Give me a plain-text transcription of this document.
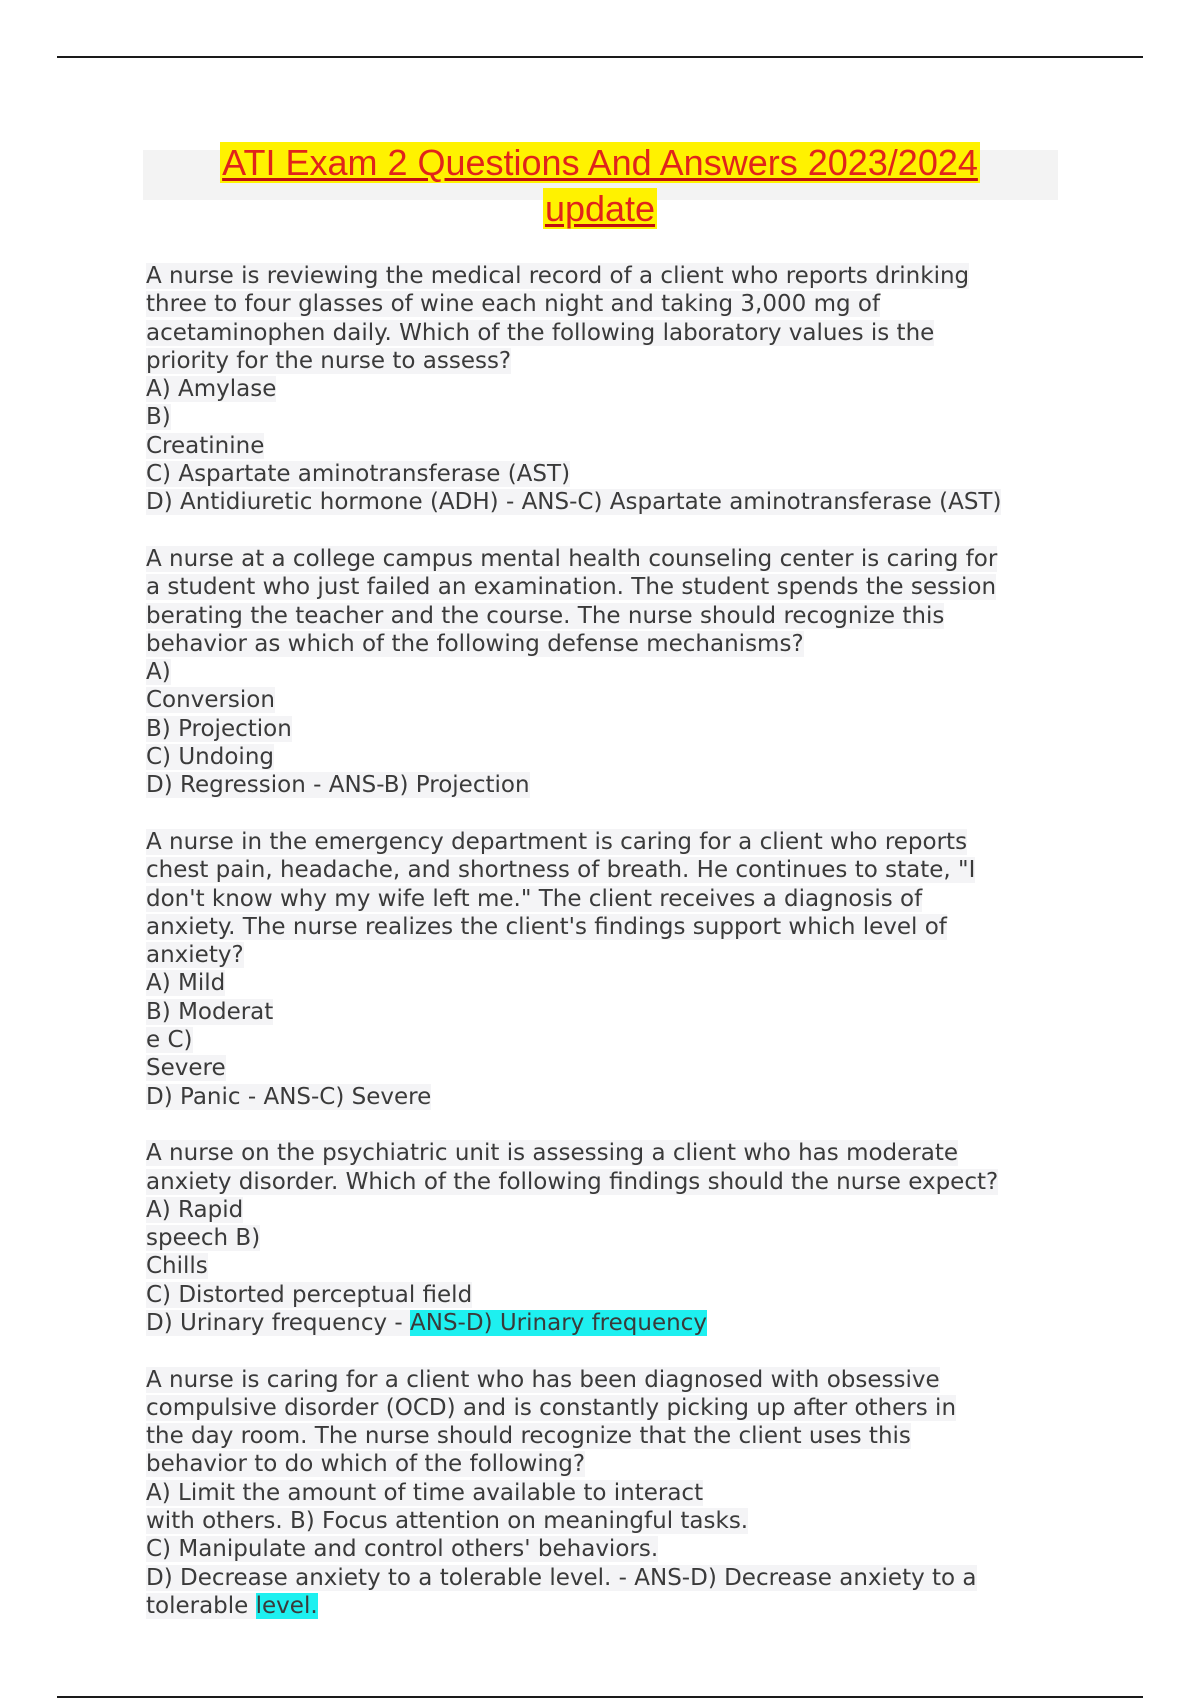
ATI Exam 2 Questions And Answers 2023/2024
update
A nurse is reviewing the medical record of a client who reports drinking
three to four glasses of wine each night and taking 3,000 mg of
acetaminophen daily. Which of the following laboratory values is the
priority for the nurse to assess?
A) Amylase
B)
Creatinine
C) Aspartate aminotransferase (AST)
D) Antidiuretic hormone (ADH) - ANS-C) Aspartate aminotransferase (AST)
A nurse at a college campus mental health counseling center is caring for
a student who just failed an examination. The student spends the session
berating the teacher and the course. The nurse should recognize this
behavior as which of the following defense mechanisms?
A)
Conversion
B) Projection
C) Undoing
D) Regression - ANS-B) Projection
A nurse in the emergency department is caring for a client who reports
chest pain, headache, and shortness of breath. He continues to state, "I
don't know why my wife left me." The client receives a diagnosis of
anxiety. The nurse realizes the client's findings support which level of
anxiety?
A) Mild
B) Moderat
e C)
Severe
D) Panic - ANS-C) Severe
A nurse on the psychiatric unit is assessing a client who has moderate
anxiety disorder. Which of the following findings should the nurse expect?
A) Rapid
speech B)
Chills
C) Distorted perceptual field
D) Urinary frequency - ANS-D) Urinary frequency
A nurse is caring for a client who has been diagnosed with obsessive
compulsive disorder (OCD) and is constantly picking up after others in
the day room. The nurse should recognize that the client uses this
behavior to do which of the following?
A) Limit the amount of time available to interact
with others. B) Focus attention on meaningful tasks.
C) Manipulate and control others' behaviors.
D) Decrease anxiety to a tolerable level. - ANS-D) Decrease anxiety to a
tolerable level.
